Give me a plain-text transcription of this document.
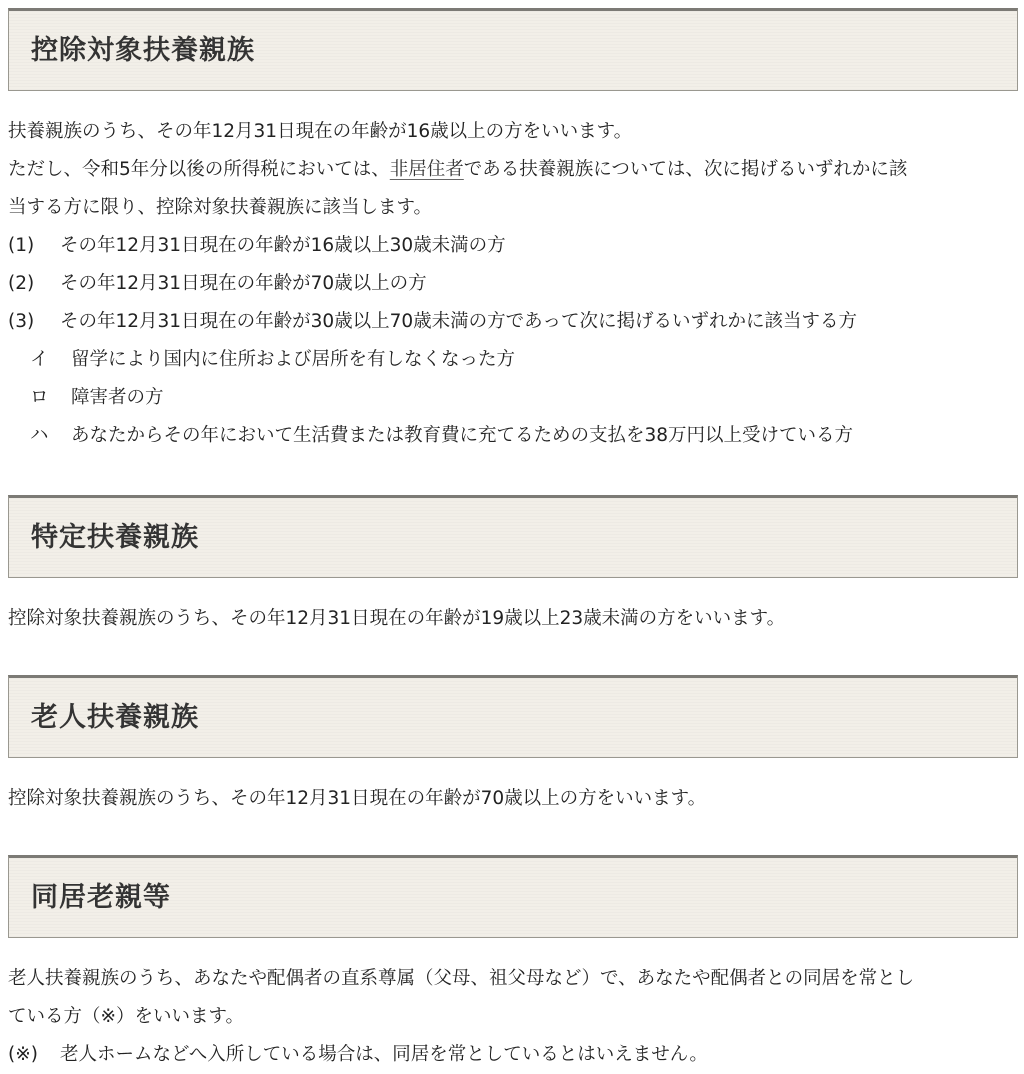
控除対象扶養親族
扶養親族のうち、その年12月31日現在の年齢が16歳以上の方をいいます。
ただし、令和5年分以後の所得税においては、非居住者である扶養親族については、次に掲げるいずれかに該
当する方に限り、控除対象扶養親族に該当します。
(1) その年12月31日現在の年齢が16歳以上30歳未満の方
(2) その年12月31日現在の年齢が70歳以上の方
(3) その年12月31日現在の年齢が30歳以上70歳未満の方であって次に掲げるいずれかに該当する方
イ 留学により国内に住所および居所を有しなくなった方
ロ 障害者の方
ハ あなたからその年において生活費または教育費に充てるための支払を38万円以上受けている方
特定扶養親族
控除対象扶養親族のうち、その年12月31日現在の年齢が19歳以上23歳未満の方をいいます。
老人扶養親族
控除対象扶養親族のうち、その年12月31日現在の年齢が70歳以上の方をいいます。
同居老親等
老人扶養親族のうち、あなたや配偶者の直系尊属（父母、祖父母など）で、あなたや配偶者との同居を常とし
ている方（※）をいいます。
(※) 老人ホームなどへ入所している場合は、同居を常としているとはいえません。
